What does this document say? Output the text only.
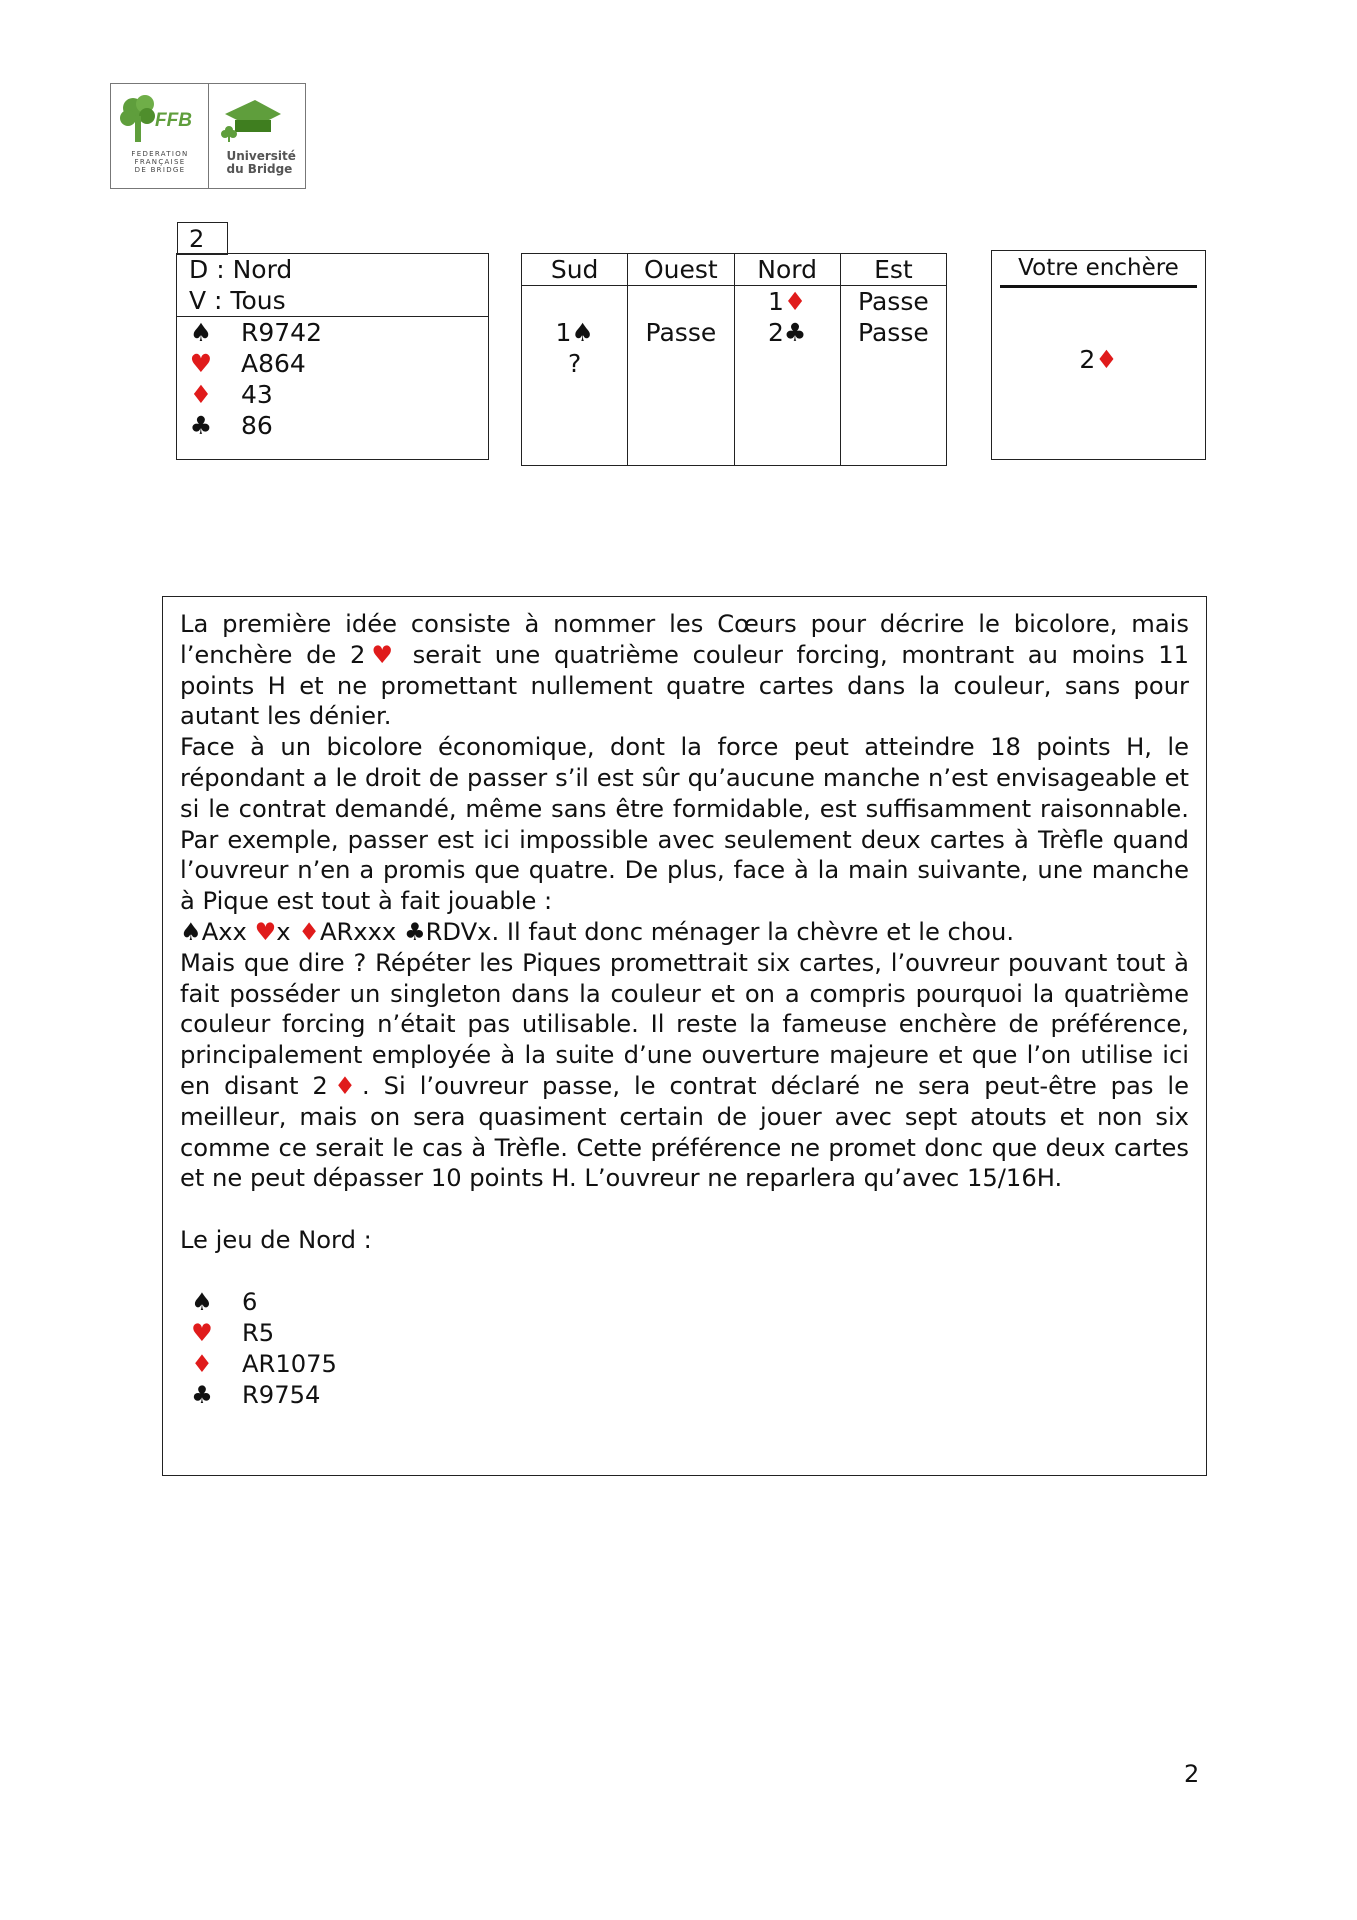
FFB
FEDERATION
FRANÇAISE
DE BRIDGE
Université
du Bridge
2
D : Nord
V : Tous
♠ R9742
♥ A864
♦ 43
♣ 86
Sud
1♠
?
Ouest
Passe
Nord
1♦
2♣
Est
Passe
Passe
Votre enchère
2♦

La première idée consiste à nommer les Cœurs pour décrire le bicolore, mais l’enchère de 2♥ serait une quatrième couleur forcing, montrant au moins 11 points H et ne promettant nullement quatre cartes dans la couleur, sans pour autant les dénier.

Face à un bicolore économique, dont la force peut atteindre 18 points H, le répondant a le droit de passer s’il est sûr qu’aucune manche n’est envisageable et si le contrat demandé, même sans être formidable, est suffisamment raisonnable. Par exemple, passer est ici impossible avec seulement deux cartes à Trèfle quand l’ouvreur n’en a promis que quatre. De plus, face à la main suivante, une manche à Pique est tout à fait jouable :

♠Axx ♥x ♦ARxxx ♣RDVx. Il faut donc ménager la chèvre et le chou.

Mais que dire ? Répéter les Piques promettrait six cartes, l’ouvreur pouvant tout à fait posséder un singleton dans la couleur et on a compris pourquoi la quatrième couleur forcing n’était pas utilisable. Il reste la fameuse enchère de préférence, principalement employée à la suite d’une ouverture majeure et que l’on utilise ici en disant 2♦. Si l’ouvreur passe, le contrat déclaré ne sera peut-être pas le meilleur, mais on sera quasiment certain de jouer avec sept atouts et non six comme ce serait le cas à Trèfle. Cette préférence ne promet donc que deux cartes et ne peut dépasser 10 points H. L’ouvreur ne reparlera qu’avec 15/16H.

Le jeu de Nord :

♠ 6
♥ R5
♦ AR1075
♣ R9754
2
